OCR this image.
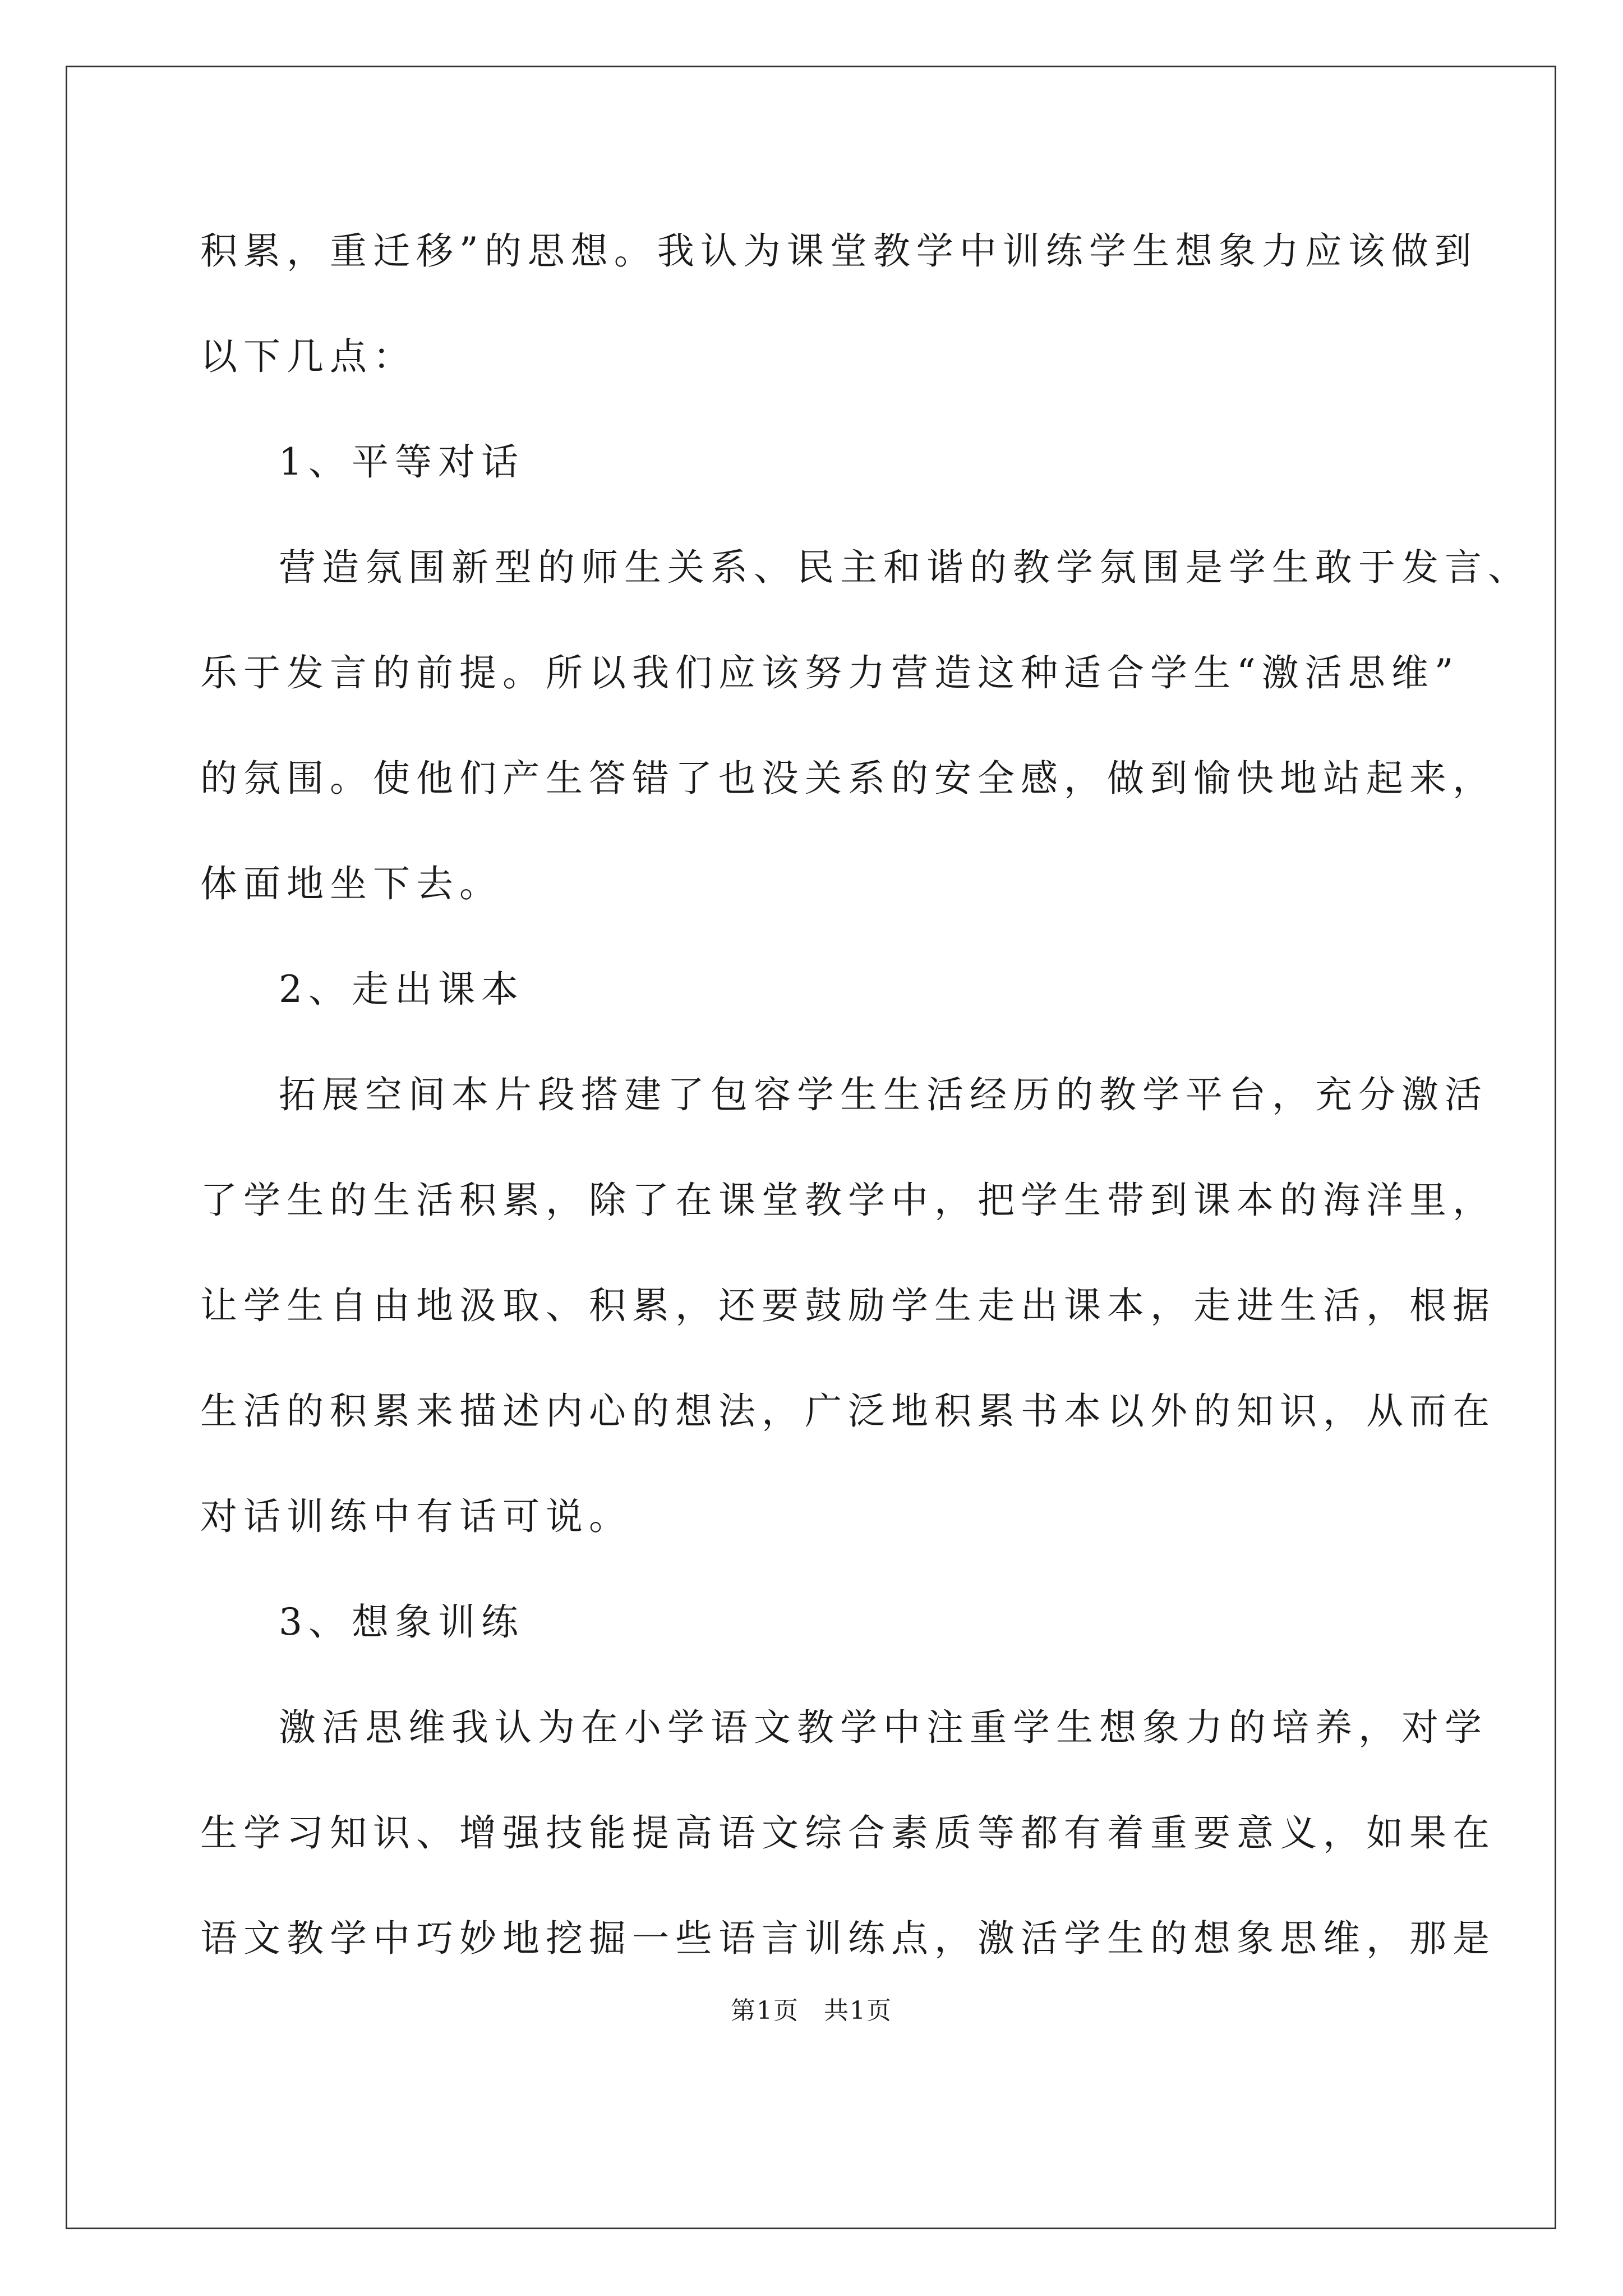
积累，重迁移”的思想。我认为课堂教学中训练学生想象力应该做到
以下几点：
1、平等对话
营造氛围新型的师生关系、民主和谐的教学氛围是学生敢于发言、
乐于发言的前提。所以我们应该努力营造这种适合学生“激活思维”
的氛围。使他们产生答错了也没关系的安全感，做到愉快地站起来，
体面地坐下去。
2、走出课本
拓展空间本片段搭建了包容学生生活经历的教学平台，充分激活
了学生的生活积累，除了在课堂教学中，把学生带到课本的海洋里，
让学生自由地汲取、积累，还要鼓励学生走出课本，走进生活，根据
生活的积累来描述内心的想法，广泛地积累书本以外的知识，从而在
对话训练中有话可说。
3、想象训练
激活思维我认为在小学语文教学中注重学生想象力的培养，对学
生学习知识、增强技能提高语文综合素质等都有着重要意义，如果在
语文教学中巧妙地挖掘一些语言训练点，激活学生的想象思维，那是
第1页 共1页
